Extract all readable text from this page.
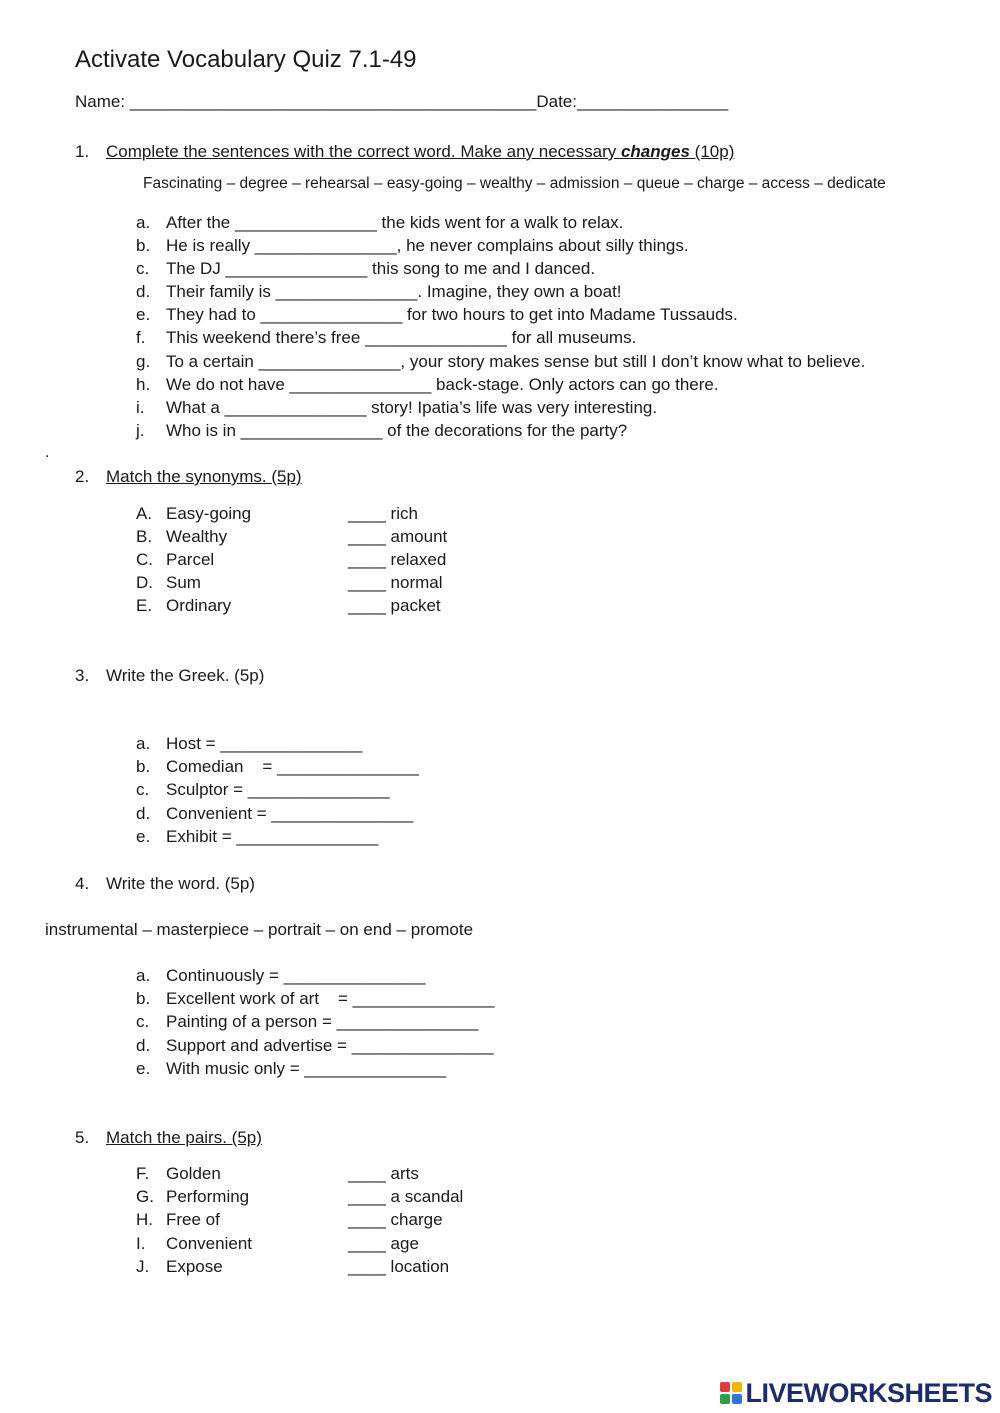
Activate Vocabulary Quiz 7.1-49
Name: ___________________________________________Date:________________
1. Complete the sentences with the correct word. Make any necessary changes (10p)
Fascinating – degree – rehearsal – easy-going – wealthy – admission – queue – charge – access – dedicate
a. After the _______________ the kids went for a walk to relax.
b. He is really _______________, he never complains about silly things.
c. The DJ _______________ this song to me and I danced.
d. Their family is _______________. Imagine, they own a boat!
e. They had to _______________ for two hours to get into Madame Tussauds.
f. This weekend there’s free _______________ for all museums.
g. To a certain _______________, your story makes sense but still I don’t know what to believe.
h. We do not have _______________ back-stage. Only actors can go there.
i. What a _______________ story! Ipatia’s life was very interesting.
j. Who is in _______________ of the decorations for the party?
.
2. Match the synonyms. (5p)
A. Easy-going	____ rich
B. Wealthy	____ amount
C. Parcel	____ relaxed
D. Sum	____ normal
E. Ordinary	____ packet
3. Write the Greek. (5p)
a. Host = _______________
b. Comedian    = _______________
c. Sculptor = _______________
d. Convenient = _______________
e. Exhibit = _______________
4. Write the word. (5p)
instrumental – masterpiece – portrait – on end – promote
a. Continuously = _______________
b. Excellent work of art    = _______________
c. Painting of a person = _______________
d. Support and advertise = _______________
e. With music only = _______________
5. Match the pairs. (5p)
F. Golden	____ arts
G. Performing	____ a scandal
H. Free of	____ charge
I. Convenient	____ age
J. Expose	____ location
LIVEWORKSHEETS
